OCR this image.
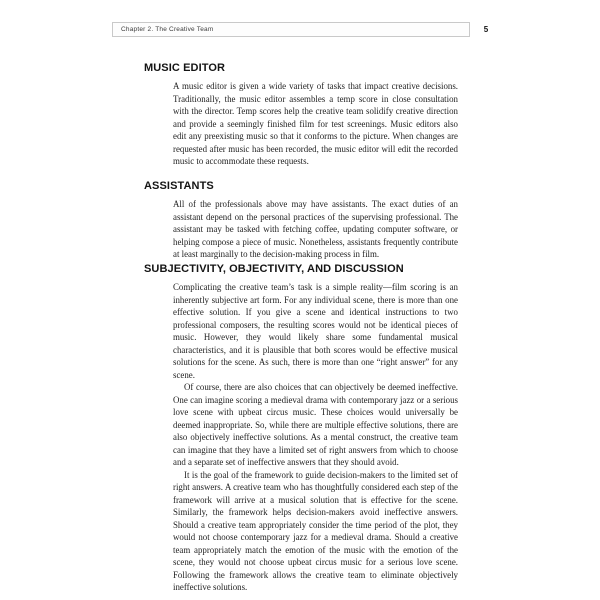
Chapter 2. The Creative Team	5
MUSIC EDITOR

A music editor is given a wide variety of tasks that impact creative decisions. Traditionally, the music editor assembles a temp score in close consultation with the director. Temp scores help the creative team solidify creative direction and provide a seemingly finished film for test screenings. Music editors also edit any preexisting music so that it conforms to the picture. When changes are requested after music has been recorded, the music editor will edit the recorded music to accommodate these requests.

ASSISTANTS

All of the professionals above may have assistants. The exact duties of an assistant depend on the personal practices of the supervising professional. The assistant may be tasked with fetching coffee, updating computer software, or helping compose a piece of music. Nonetheless, assistants frequently contribute at least marginally to the decision-making process in film.

SUBJECTIVITY, OBJECTIVITY, AND DISCUSSION

Complicating the creative team’s task is a simple reality—film scoring is an inherently subjective art form. For any individual scene, there is more than one effective solution. If you give a scene and identical instructions to two professional composers, the resulting scores would not be identical pieces of music. However, they would likely share some fundamental musical characteristics, and it is plausible that both scores would be effective musical solutions for the scene. As such, there is more than one “right answer” for any scene.

Of course, there are also choices that can objectively be deemed ineffective. One can imagine scoring a medieval drama with contemporary jazz or a serious love scene with upbeat circus music. These choices would universally be deemed inappropriate. So, while there are multiple effective solutions, there are also objectively ineffective solutions. As a mental construct, the creative team can imagine that they have a limited set of right answers from which to choose and a separate set of ineffective answers that they should avoid.

It is the goal of the framework to guide decision-makers to the limited set of right answers. A creative team who has thoughtfully considered each step of the framework will arrive at a musical solution that is effective for the scene. Similarly, the framework helps decision-makers avoid ineffective answers. Should a creative team appropriately consider the time period of the plot, they would not choose contemporary jazz for a medieval drama. Should a creative team appropriately match the emotion of the music with the emotion of the scene, they would not choose upbeat circus music for a serious love scene. Following the framework allows the creative team to eliminate objectively ineffective solutions.
